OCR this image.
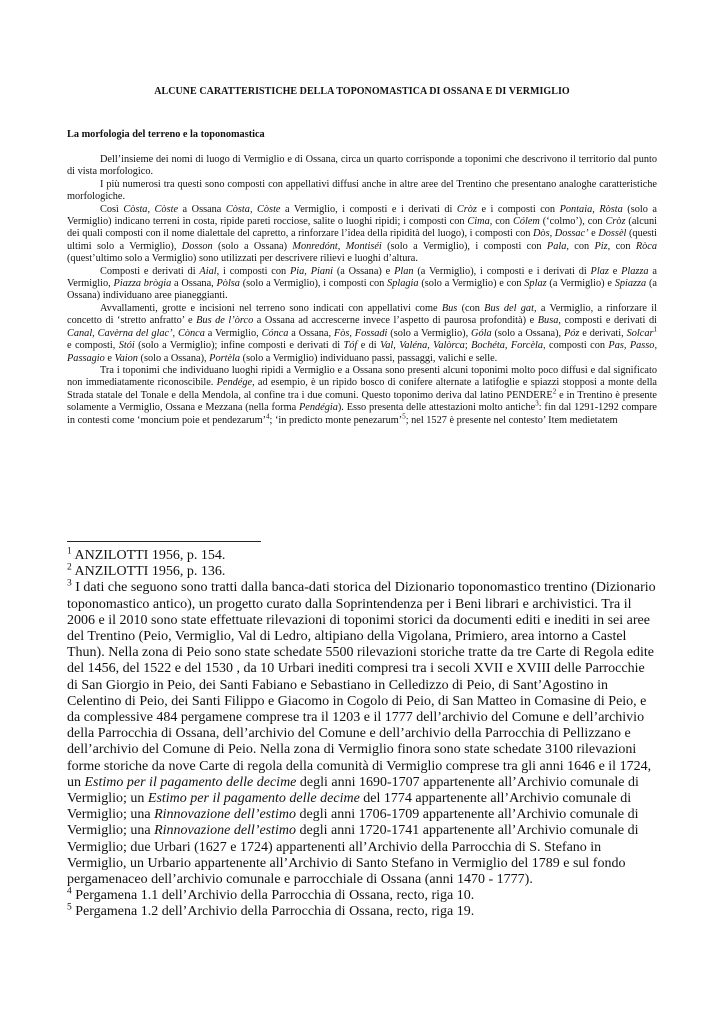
ALCUNE CARATTERISTICHE DELLA TOPONOMASTICA DI OSSANA E DI VERMIGLIO
La morfologia del terreno e la toponomastica

Dell’insieme dei nomi di luogo di Vermiglio e di Ossana, circa un quarto corrisponde a toponimi che descrivono il territorio dal punto di vista morfologico.

I più numerosi tra questi sono composti con appellativi diffusi anche in altre aree del Trentino che presentano analoghe caratteristiche morfologiche.

Così Còsta, Còste a Ossana Còsta, Còste a Vermiglio, i composti e i derivati di Cròz e i composti con Pontaia, Ròsta (solo a Vermiglio) indicano terreni in costa, ripide pareti rocciose, salite o luoghi ripidi; i composti con Cima, con Cólem (‘colmo’), con Cròz (alcuni dei quali composti con il nome dialettale del capretto, a rinforzare l’idea della ripidità del luogo), i composti con Dòs, Dossac’ e Dossèl (questi ultimi solo a Vermiglio), Dosson (solo a Ossana) Monredónt, Montiséi (solo a Vermiglio), i composti con Pala, con Piz, con Ròca (quest’ultimo solo a Vermiglio) sono utilizzati per descrivere rilievi e luoghi d’altura.

Composti e derivati di Aial, i composti con Pia, Piani (a Ossana) e Plan (a Vermiglio), i composti e i derivati di Plaz e Plazza a Vermiglio, Piazza brògia a Ossana, Pòlsa (solo a Vermiglio), i composti con Splagia (solo a Vermiglio) e con Splaz (a Vermiglio) e Spiazza (a Ossana) individuano aree pianeggianti.

Avvallamenti, grotte e incisioni nel terreno sono indicati con appellativi come Bus (con Bus del gat, a Vermiglio, a rinforzare il concetto di ‘stretto anfratto’ e Bus de l’òrco a Ossana ad accrescerne invece l’aspetto di paurosa profondità) e Busa, composti e derivati di Canal, Cavèrna del glac’, Cònca a Vermiglio, Cónca a Ossana, Fòs, Fossadi (solo a Vermiglio), Góla (solo a Ossana), Póz e derivati, Solcar$^1$ e composti, Stói (solo a Vermiglio); infine composti e derivati di Tóf e di Val, Valéna, Valòrca; Bochéta, Forcèla, composti con Pas, Passo, Passagio e Vaion (solo a Ossana), Portèla (solo a Vermiglio) individuano passi, passaggi, valichi e selle.

Tra i toponimi che individuano luoghi ripidi a Vermiglio e a Ossana sono presenti alcuni toponimi molto poco diffusi e dal significato non immediatamente riconoscibile. Pendége, ad esempio, è un ripido bosco di conifere alternate a latifoglie e spiazzi stopposi a monte della Strada statale del Tonale e della Mendola, al confine tra i due comuni. Questo toponimo deriva dal latino PENDERE$^2$ e in Trentino è presente solamente a Vermiglio, Ossana e Mezzana (nella forma Pendégia). Esso presenta delle attestazioni molto antiche$^3$: fin dal 1291-1292 compare in contesti come ‘moncium poie et pendezarum’$^4$; ‘in predicto monte penezarum’$^5$; nel 1527 è presente nel contesto’ Item medietatem

$^1$ ANZILOTTI 1956, p. 154.

$^2$ ANZILOTTI 1956, p. 136.

$^3$ I dati che seguono sono tratti dalla banca-dati storica del Dizionario toponomastico trentino (Dizionario toponomastico antico), un progetto curato dalla Soprintendenza per i Beni librari e archivistici. Tra il 2006 e il 2010 sono state effettuate rilevazioni di toponimi storici da documenti editi e inediti in sei aree del Trentino (Peio, Vermiglio, Val di Ledro, altipiano della Vigolana, Primiero, area intorno a Castel Thun). Nella zona di Peio sono state schedate 5500 rilevazioni storiche tratte da tre Carte di Regola edite del 1456, del 1522 e del 1530 , da 10 Urbari inediti compresi tra i secoli XVII e XVIII delle Parrocchie di San Giorgio in Peio, dei Santi Fabiano e Sebastiano in Celledizzo di Peio, di Sant’Agostino in Celentino di Peio, dei Santi Filippo e Giacomo in Cogolo di Peio, di San Matteo in Comasine di Peio, e da complessive 484 pergamene comprese tra il 1203 e il 1777 dell’archivio del Comune e dell’archivio della Parrocchia di Ossana, dell’archivio del Comune e dell’archivio della Parrocchia di Pellizzano e dell’archivio del Comune di Peio. Nella zona di Vermiglio finora sono state schedate 3100 rilevazioni forme storiche da nove Carte di regola della comunità di Vermiglio comprese tra gli anni 1646 e il 1724, un Estimo per il pagamento delle decime degli anni 1690-1707 appartenente all’Archivio comunale di Vermiglio; un Estimo per il pagamento delle decime del 1774 appartenente all’Archivio comunale di Vermiglio; una Rinnovazione dell’estimo degli anni 1706-1709 appartenente all’Archivio comunale di Vermiglio; una Rinnovazione dell’estimo degli anni 1720-1741 appartenente all’Archivio comunale di Vermiglio; due Urbari (1627 e 1724) appartenenti all’Archivio della Parrocchia di S. Stefano in Vermiglio, un Urbario appartenente all’Archivio di Santo Stefano in Vermiglio del 1789 e sul fondo pergamenaceo dell’archivio comunale e parrocchiale di Ossana (anni 1470 - 1777).

$^4$ Pergamena 1.1 dell’Archivio della Parrocchia di Ossana, recto, riga 10.

$^5$ Pergamena 1.2 dell’Archivio della Parrocchia di Ossana, recto, riga 19.
